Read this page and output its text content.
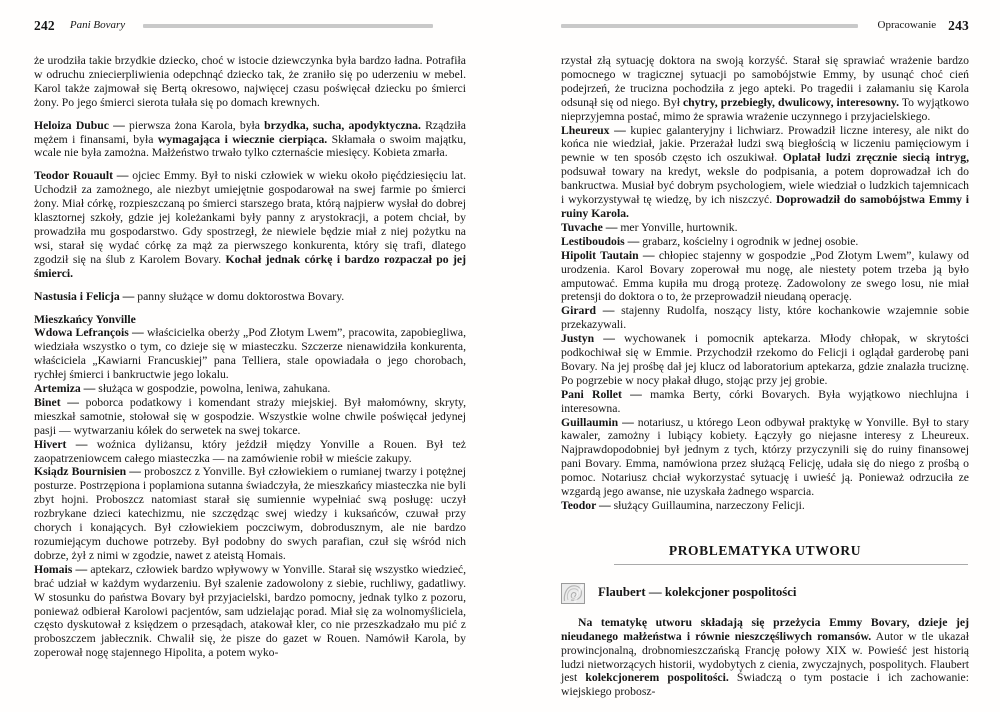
242 Pani Bovary

że urodziła takie brzydkie dziecko, choć w istocie dziewczynka była bardzo ładna. Potrafiła w odruchu zniecierpliwienia odepchnąć dziecko tak, że zraniło się po uderzeniu w mebel. Karol także zajmował się Bertą okresowo, najwięcej czasu poświęcał dziecku po śmierci żony. Po jego śmierci sierota tułała się po domach krewnych.

Heloiza Dubuc — pierwsza żona Karola, była brzydka, sucha, apodyktyczna. Rządziła mężem i finansami, była wymagająca i wiecznie cierpiąca. Skłamała o swoim majątku, wcale nie była zamożna. Małżeństwo trwało tylko czternaście miesięcy. Kobieta zmarła.

Teodor Rouault — ojciec Emmy. Był to niski człowiek w wieku około pięćdziesięciu lat. Uchodził za zamożnego, ale niezbyt umiejętnie gospodarował na swej farmie po śmierci żony. Miał córkę, rozpieszczaną po śmierci starszego brata, którą najpierw wysłał do dobrej klasztornej szkoły, gdzie jej koleżankami były panny z arystokracji, a potem chciał, by prowadziła mu gospodarstwo. Gdy spostrzegł, że niewiele będzie miał z niej pożytku na wsi, starał się wydać córkę za mąż za pierwszego konkurenta, który się trafi, dlatego zgodził się na ślub z Karolem Bovary. Kochał jednak córkę i bardzo rozpaczał po jej śmierci.

Nastusia i Felicja — panny służące w domu doktorostwa Bovary.

Mieszkańcy Yonville

Wdowa Lefrançois — właścicielka oberży „Pod Złotym Lwem”, pracowita, zapobiegliwa, wiedziała wszystko o tym, co dzieje się w miasteczku. Szczerze nienawidziła konkurenta, właściciela „Kawiarni Francuskiej” pana Telliera, stale opowiadała o jego chorobach, rychłej śmierci i bankructwie jego lokalu.

Artemiza — służąca w gospodzie, powolna, leniwa, zahukana.

Binet — poborca podatkowy i komendant straży miejskiej. Był małomówny, skryty, mieszkał samotnie, stołował się w gospodzie. Wszystkie wolne chwile poświęcał jedynej pasji — wytwarzaniu kółek do serwetek na swej tokarce.

Hivert — woźnica dyliżansu, który jeździł między Yonville a Rouen. Był też zaopatrzeniowcem całego miasteczka — na zamówienie robił w mieście zakupy.

Ksiądz Bournisien — proboszcz z Yonville. Był człowiekiem o rumianej twarzy i potężnej posturze. Postrzępiona i poplamiona sutanna świadczyła, że mieszkańcy miasteczka nie byli zbyt hojni. Proboszcz natomiast starał się sumiennie wypełniać swą posługę: uczył rozbrykane dzieci katechizmu, nie szczędząc swej wiedzy i kuksańców, czuwał przy chorych i konających. Był człowiekiem poczciwym, dobrodusznym, ale nie bardzo rozumiejącym duchowe potrzeby. Był podobny do swych parafian, czuł się wśród nich dobrze, żył z nimi w zgodzie, nawet z ateistą Homais.

Homais — aptekarz, człowiek bardzo wpływowy w Yonville. Starał się wszystko wiedzieć, brać udział w każdym wydarzeniu. Był szalenie zadowolony z siebie, ruchliwy, gadatliwy. W stosunku do państwa Bovary był przyjacielski, bardzo pomocny, jednak tylko z pozoru, ponieważ odbierał Karolowi pacjentów, sam udzielając porad. Miał się za wolnomyśliciela, często dyskutował z księdzem o przesądach, atakował kler, co nie przeszkadzało mu pić z proboszczem jabłecznik. Chwalił się, że pisze do gazet w Rouen. Namówił Karola, by zoperował nogę stajennego Hipolita, a potem wyko-

Opracowanie 243

rzystał złą sytuację doktora na swoją korzyść. Starał się sprawiać wrażenie bardzo pomocnego w tragicznej sytuacji po samobójstwie Emmy, by usunąć choć cień podejrzeń, że trucizna pochodziła z jego apteki. Po tragedii i załamaniu się Karola odsunął się od niego. Był chytry, przebiegły, dwulicowy, interesowny. To wyjątkowo nieprzyjemna postać, mimo że sprawia wrażenie uczynnego i przyjacielskiego.

Lheureux — kupiec galanteryjny i lichwiarz. Prowadził liczne interesy, ale nikt do końca nie wiedział, jakie. Przerażał ludzi swą biegłością w liczeniu pamięciowym i pewnie w ten sposób często ich oszukiwał. Oplatał ludzi zręcznie siecią intryg, podsuwał towary na kredyt, weksle do podpisania, a potem doprowadzał ich do bankructwa. Musiał być dobrym psychologiem, wiele wiedział o ludzkich tajemnicach i wykorzystywał tę wiedzę, by ich niszczyć. Doprowadził do samobójstwa Emmy i ruiny Karola.

Tuvache — mer Yonville, hurtownik.

Lestiboudois — grabarz, kościelny i ogrodnik w jednej osobie.

Hipolit Tautain — chłopiec stajenny w gospodzie „Pod Złotym Lwem”, kulawy od urodzenia. Karol Bovary zoperował mu nogę, ale niestety potem trzeba ją było amputować. Emma kupiła mu drogą protezę. Zadowolony ze swego losu, nie miał pretensji do doktora o to, że przeprowadził nieudaną operację.

Girard — stajenny Rudolfa, noszący listy, które kochankowie wzajemnie sobie przekazywali.

Justyn — wychowanek i pomocnik aptekarza. Młody chłopak, w skrytości podkochiwał się w Emmie. Przychodził rzekomo do Felicji i oglądał garderobę pani Bovary. Na jej prośbę dał jej klucz od laboratorium aptekarza, gdzie znalazła truciznę. Po pogrzebie w nocy płakał długo, stojąc przy jej grobie.

Pani Rollet — mamka Berty, córki Bovarych. Była wyjątkowo niechlujna i interesowna.

Guillaumin — notariusz, u którego Leon odbywał praktykę w Yonville. Był to stary kawaler, zamożny i lubiący kobiety. Łączyły go niejasne interesy z Lheureux. Najprawdopodobniej był jednym z tych, którzy przyczynili się do ruiny finansowej pani Bovary. Emma, namówiona przez służącą Felicję, udała się do niego z prośbą o pomoc. Notariusz chciał wykorzystać sytuację i uwieść ją. Ponieważ odrzuciła ze wzgardą jego awanse, nie uzyskała żadnego wsparcia.

Teodor — służący Guillaumina, narzeczony Felicji.

PROBLEMATYKA UTWORU
Flaubert — kolekcjoner pospolitości

Na tematykę utworu składają się przeżycia Emmy Bovary, dzieje jej nieudanego małżeństwa i równie nieszczęśliwych romansów. Autor w tle ukazał prowincjonalną, drobnomieszczańską Francję połowy XIX w. Powieść jest historią ludzi nietworzących historii, wydobytych z cienia, zwyczajnych, pospolitych. Flaubert jest kolekcjonerem pospolitości. Świadczą o tym postacie i ich zachowanie: wiejskiego probosz-
